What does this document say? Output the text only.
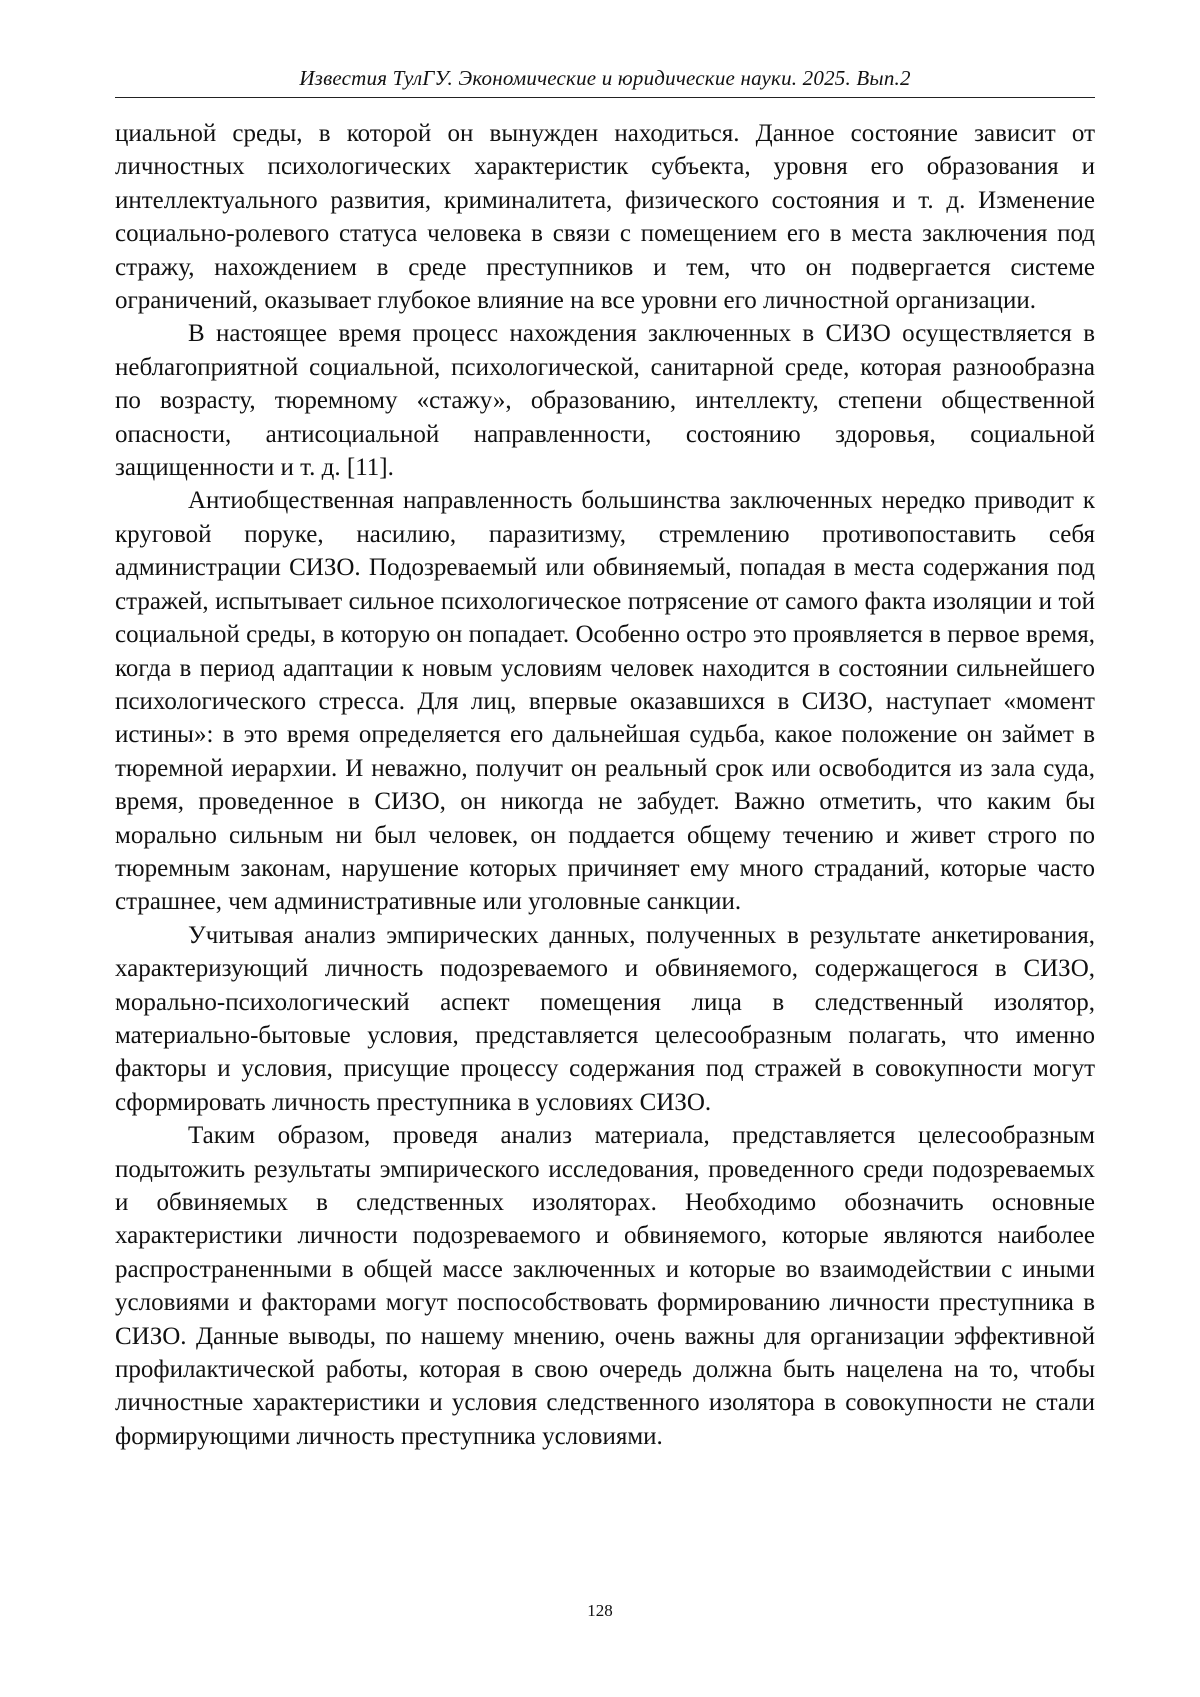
Известия ТулГУ. Экономические и юридические науки. 2025. Вып.2

циальной среды, в которой он вынужден находиться. Данное состояние зависит от личностных психологических характеристик субъекта, уровня его образования и интеллектуального развития, криминалитета, физического состояния и т. д. Изменение социально-ролевого статуса человека в связи с помещением его в места заключения под стражу, нахождением в среде преступников и тем, что он подвергается системе ограничений, оказывает глубокое влияние на все уровни его личностной организации.

В настоящее время процесс нахождения заключенных в СИЗО осуществляется в неблагоприятной социальной, психологической, санитарной среде, которая разнообразна по возрасту, тюремному «стажу», образованию, интеллекту, степени общественной опасности, антисоциальной направленности, состоянию здоровья, социальной защищенности и т. д. [11].

Антиобщественная направленность большинства заключенных нередко приводит к круговой поруке, насилию, паразитизму, стремлению противопоставить себя администрации СИЗО. Подозреваемый или обвиняемый, попадая в места содержания под стражей, испытывает сильное психологическое потрясение от самого факта изоляции и той социальной среды, в которую он попадает. Особенно остро это проявляется в первое время, когда в период адаптации к новым условиям человек находится в состоянии сильнейшего психологического стресса. Для лиц, впервые оказавшихся в СИЗО, наступает «момент истины»: в это время определяется его дальнейшая судьба, какое положение он займет в тюремной иерархии. И неважно, получит он реальный срок или освободится из зала суда, время, проведенное в СИЗО, он никогда не забудет. Важно отметить, что каким бы морально сильным ни был человек, он поддается общему течению и живет строго по тюремным законам, нарушение которых причиняет ему много страданий, которые часто страшнее, чем административные или уголовные санкции.

Учитывая анализ эмпирических данных, полученных в результате анкетирования, характеризующий личность подозреваемого и обвиняемого, содержащегося в СИЗО, морально-психологический аспект помещения лица в следственный изолятор, материально-бытовые условия, представляется целесообразным полагать, что именно факторы и условия, присущие процессу содержания под стражей в совокупности могут сформировать личность преступника в условиях СИЗО.

Таким образом, проведя анализ материала, представляется целесообразным подытожить результаты эмпирического исследования, проведенного среди подозреваемых и обвиняемых в следственных изоляторах. Необходимо обозначить основные характеристики личности подозреваемого и обвиняемого, которые являются наиболее распространенными в общей массе заключенных и которые во взаимодействии с иными условиями и факторами могут поспособствовать формированию личности преступника в СИЗО. Данные выводы, по нашему мнению, очень важны для организации эффективной профилактической работы, которая в свою очередь должна быть нацелена на то, чтобы личностные характеристики и условия следственного изолятора в совокупности не стали формирующими личность преступника условиями.

128
